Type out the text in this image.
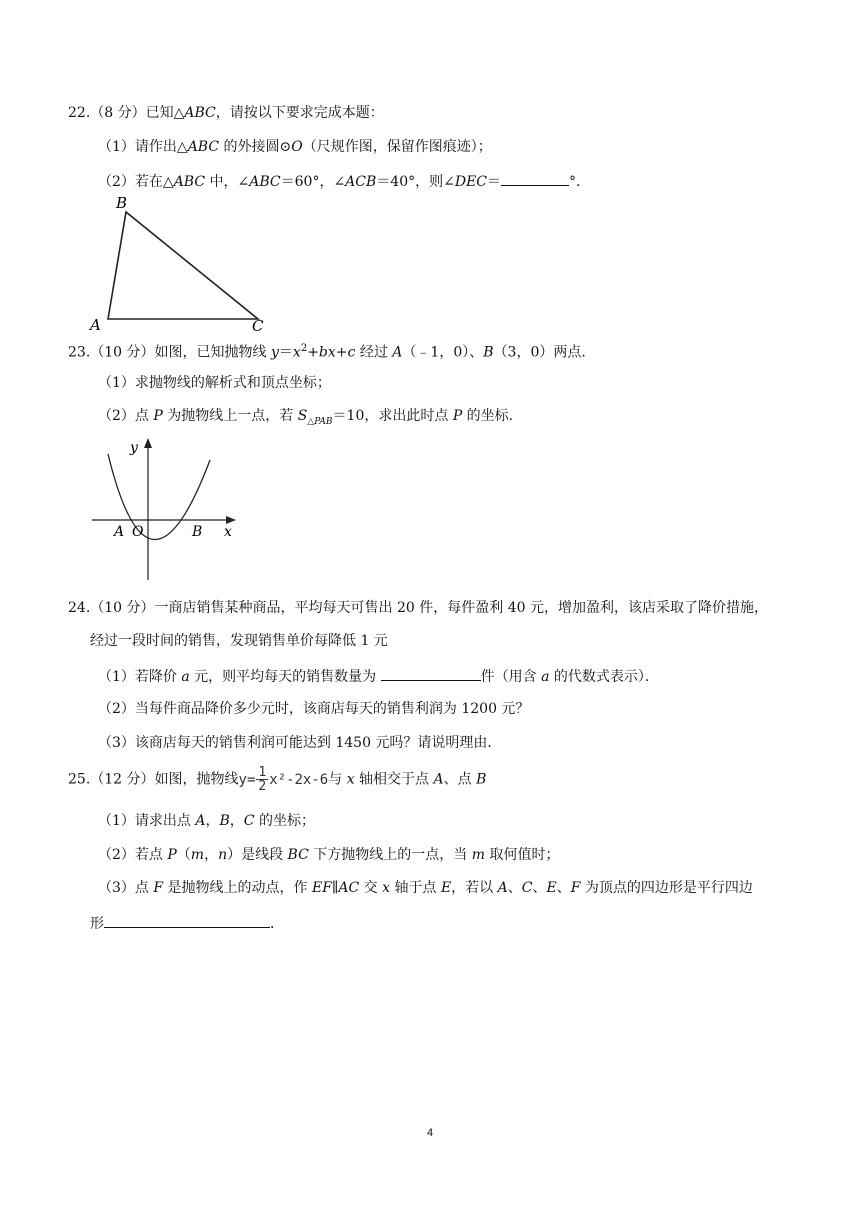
22.（8 分）已知△ABC，请按以下要求完成本题：
（1）请作出△ABC 的外接圆⊙O（尺规作图，保留作图痕迹）；
（2）若在△ABC 中，∠ABC＝60°，∠ACB＝40°，则∠DEC＝	°．
B
A	C
23.（10 分）如图，已知抛物线 $y=x^2+bx+c$ 经过 A（﹣1，0）、B（3，0）两点．
（1）求抛物线的解析式和顶点坐标；
（2）点 P 为抛物线上一点，若 $S_{\triangle PAB}=10$，求出此时点 P 的坐标．
y
x
A O	B
24.（10 分）一商店销售某种商品，平均每天可售出 20 件，每件盈利 40 元，增加盈利，该店采取了降价措施，
经过一段时间的销售，发现销售单价每降低 1 元
（1）若降价 a 元，则平均每天的销售数量为	件（用含 a 的代数式表示）．
（2）当每件商品降价多少元时，该商店每天的销售利润为 1200 元？
（3）该商店每天的销售利润可能达到 1450 元吗？请说明理由．
25.（12 分）如图，抛物线$y= \frac{1}{2} x^2-2x-6$与 x 轴相交于点 A、点 B
（1）请求出点 A，B，C 的坐标；
（2）若点 P（m，n）是线段 BC 下方抛物线上的一点，当 m 取何值时；
（3）点 F 是抛物线上的动点，作 EF∥AC 交 x 轴于点 E，若以 A、C、E、F 为顶点的四边形是平行四边
形	．
4
